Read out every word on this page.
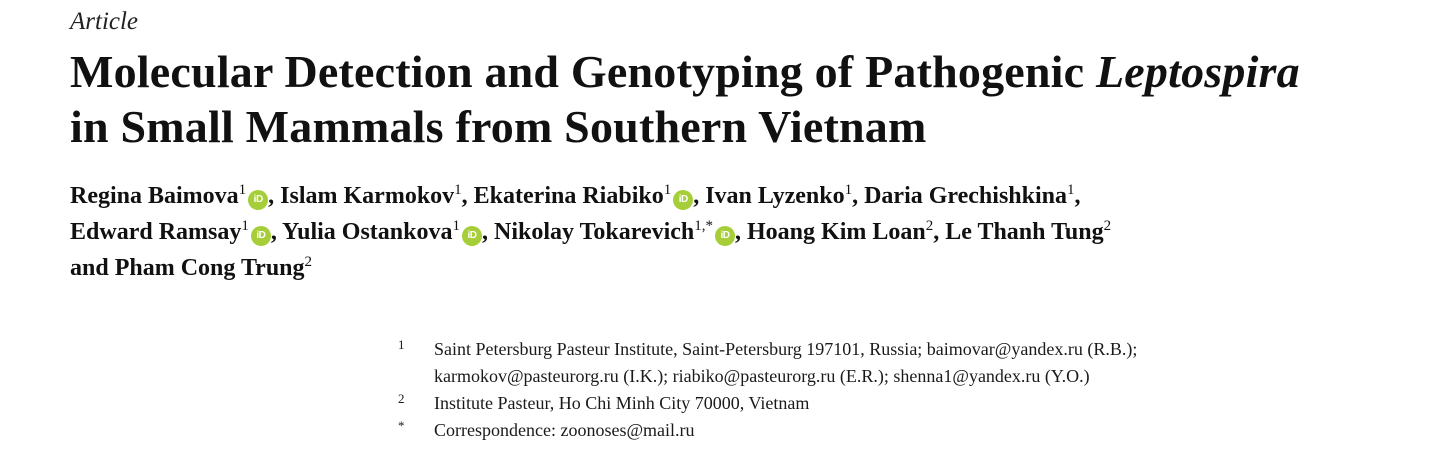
Article
Molecular Detection and Genotyping of Pathogenic Leptospira
in Small Mammals from Southern Vietnam
Regina Baimova$^1$iD , Islam Karmokov$^1$, Ekaterina Riabiko$^1$iD , Ivan Lyzenko$^1$, Daria Grechishkina$^1$,
Edward Ramsay$^1$iD , Yulia Ostankova$^1$iD , Nikolay Tokarevich$^{1,*}$iD , Hoang Kim Loan$^2$, Le Thanh Tung$^2$
and Pham Cong Trung$^2$
1 Saint Petersburg Pasteur Institute, Saint-Petersburg 197101, Russia; baimovar@yandex.ru (R.B.);
karmokov@pasteurorg.ru (I.K.); riabiko@pasteurorg.ru (E.R.); shenna1@yandex.ru (Y.O.)
2 Institute Pasteur, Ho Chi Minh City 70000, Vietnam
* Correspondence: zoonoses@mail.ru
